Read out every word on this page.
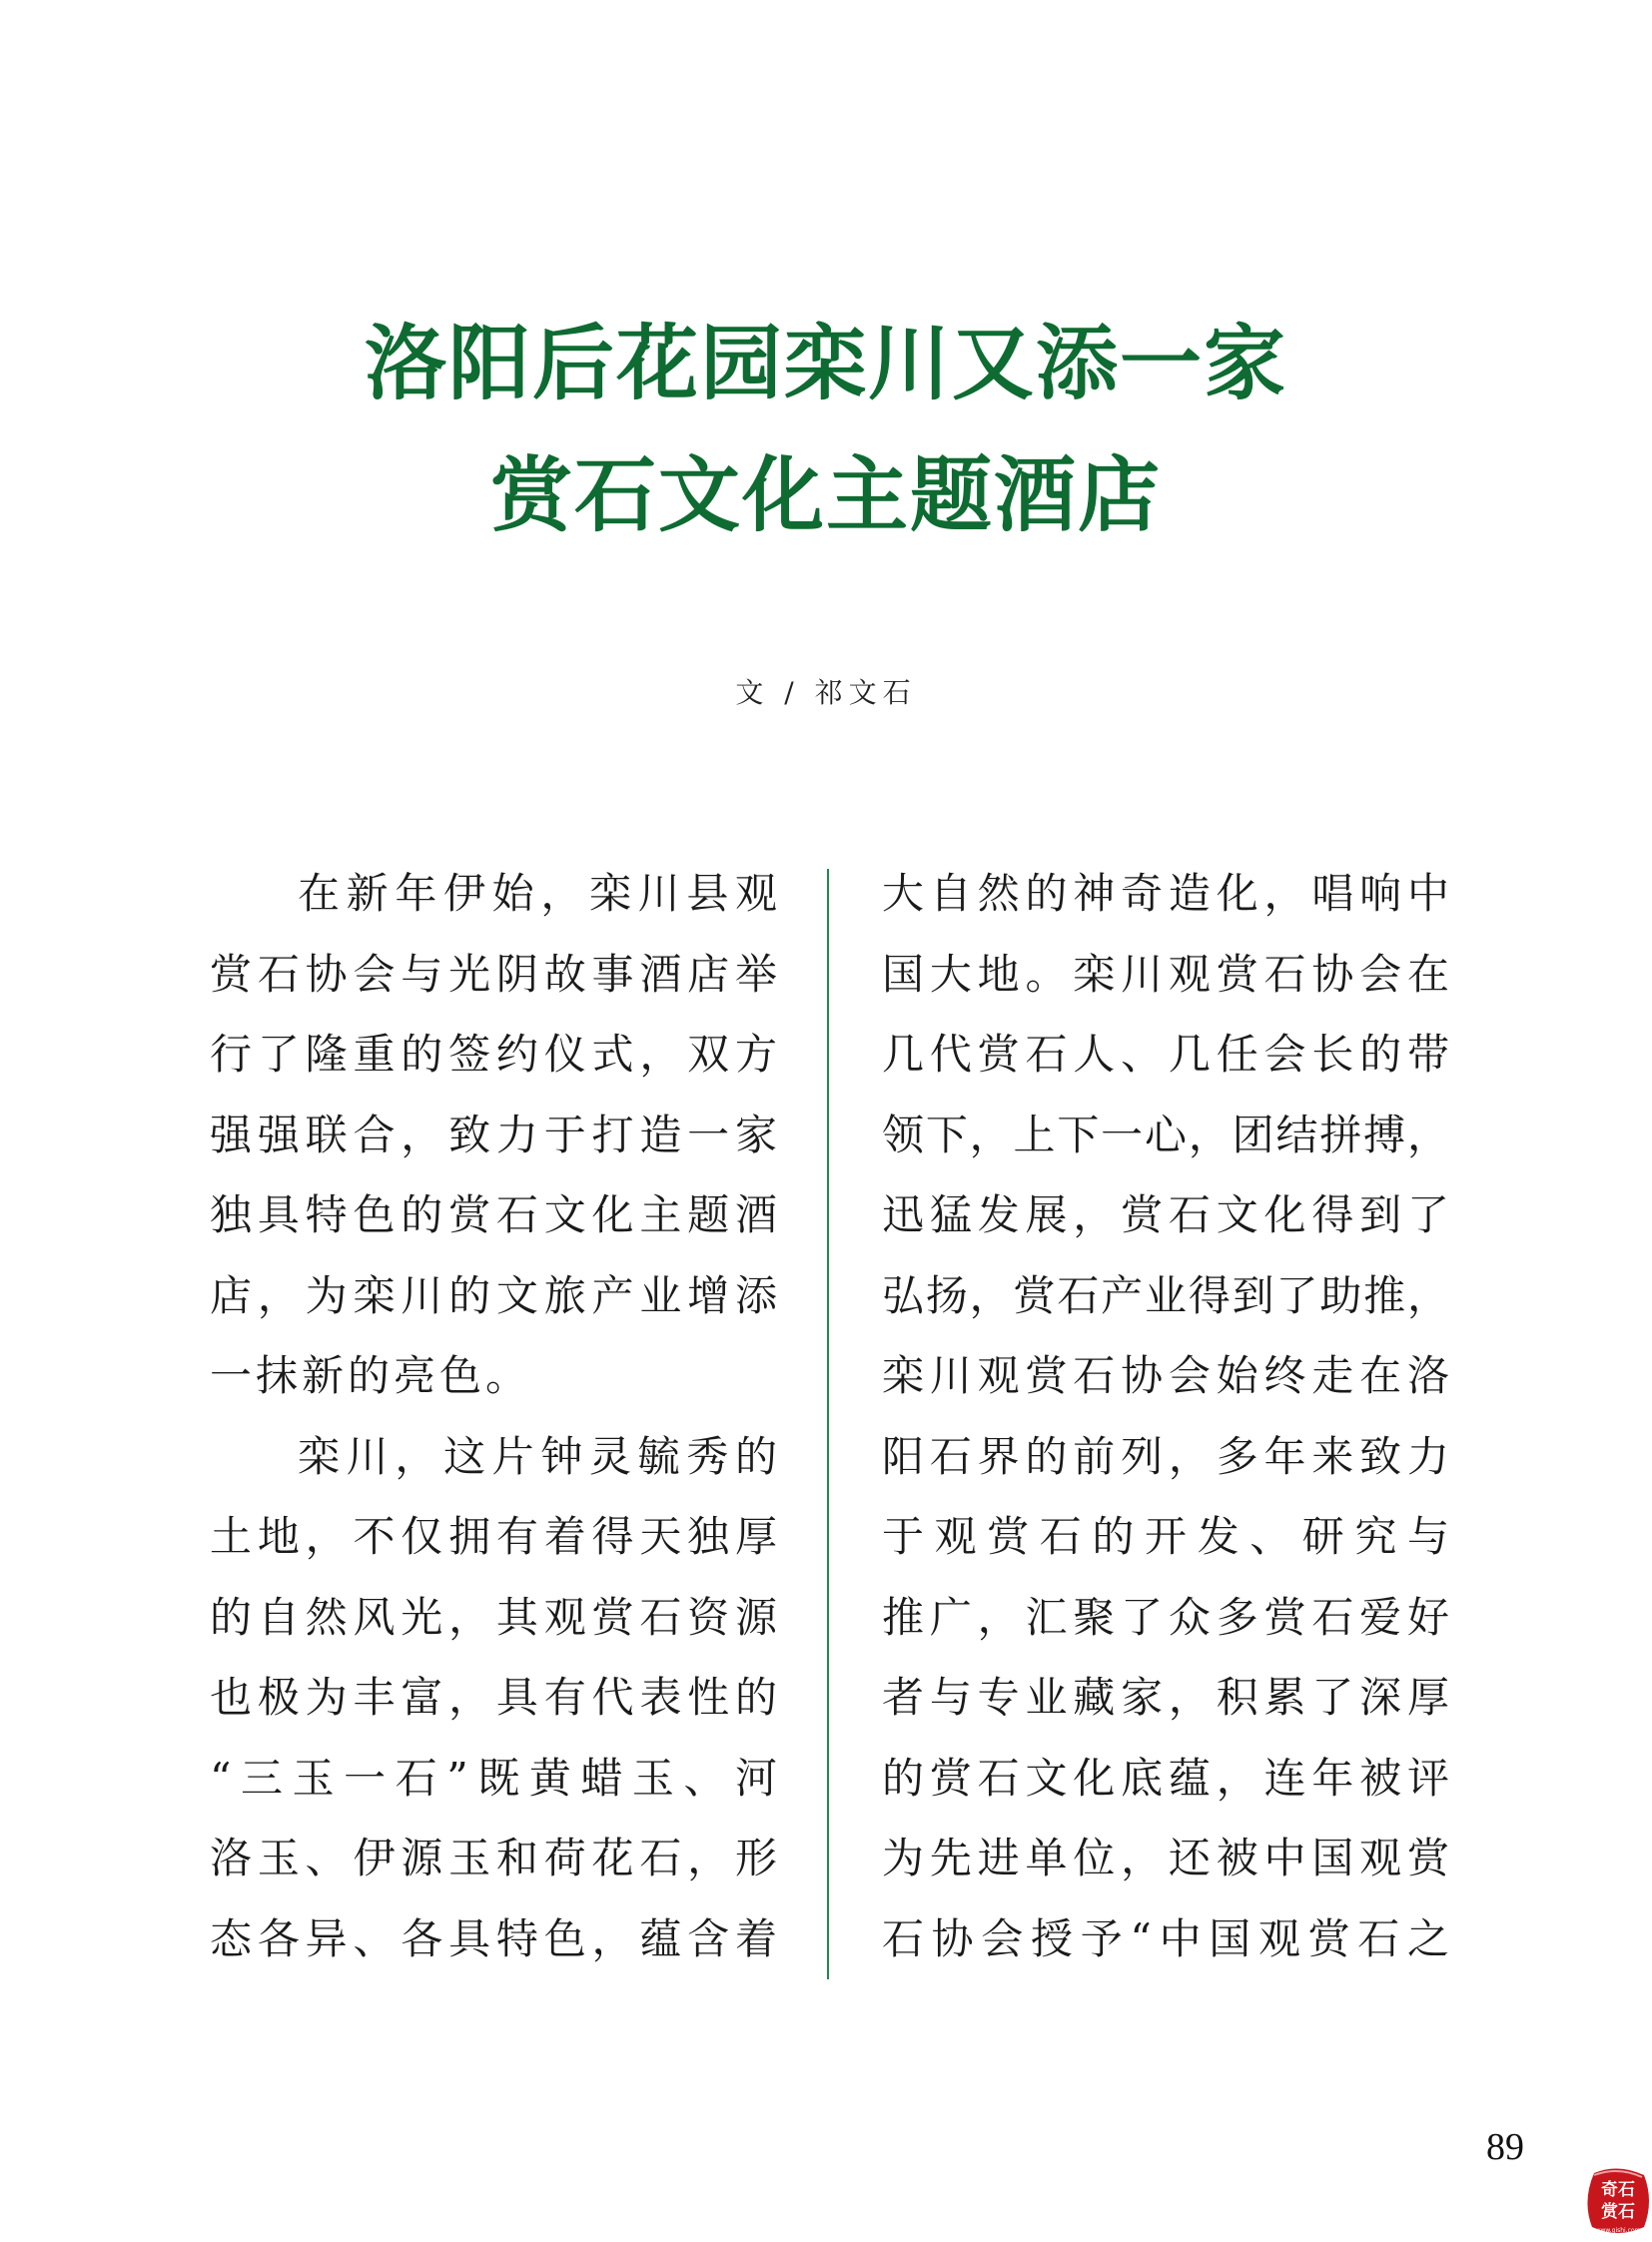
洛阳后花园栾川又添一家
赏石文化主题酒店
文 / 祁文石
在新年伊始，栾川县观
赏石协会与光阴故事酒店举
行了隆重的签约仪式，双方
强强联合，致力于打造一家
独具特色的赏石文化主题酒
店，为栾川的文旅产业增添
一抹新的亮色。
栾川，这片钟灵毓秀的
土地，不仅拥有着得天独厚
的自然风光，其观赏石资源
也极为丰富，具有代表性的
“三玉一石”既黄蜡玉、河
洛玉、伊源玉和荷花石，形
态各异、各具特色，蕴含着
大自然的神奇造化，唱响中
国大地。栾川观赏石协会在
几代赏石人、几任会长的带
领下，上下一心，团结拼搏，
迅猛发展，赏石文化得到了
弘扬，赏石产业得到了助推，
栾川观赏石协会始终走在洛
阳石界的前列，多年来致力
于观赏石的开发、研究与
推广，汇聚了众多赏石爱好
者与专业藏家，积累了深厚
的赏石文化底蕴，连年被评
为先进单位，还被中国观赏
石协会授予“中国观赏石之
89
奇石
赏石
www.qishi.com
